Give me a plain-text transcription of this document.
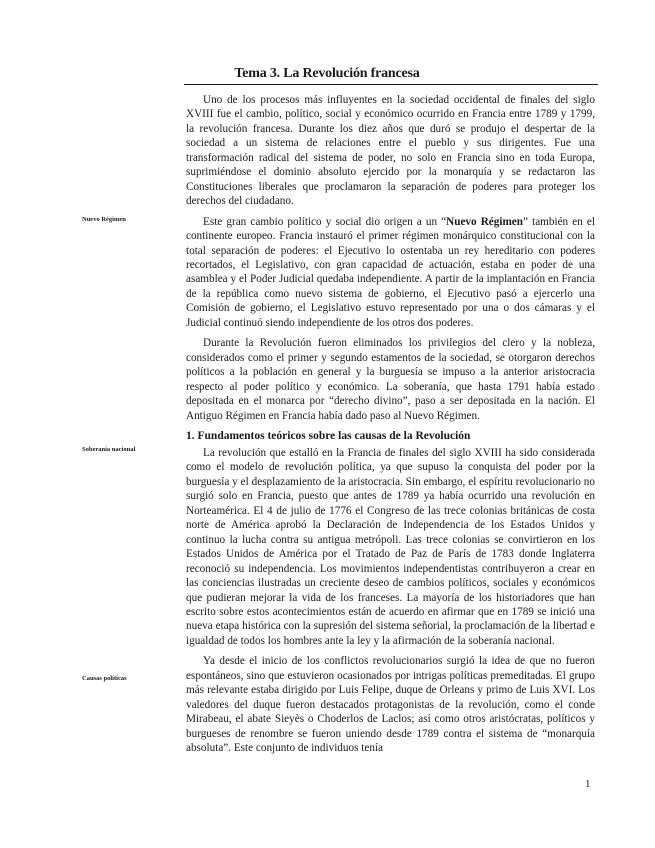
Tema 3. La Revolución francesa
Nuevo Régimen
Soberanía nacional
Causas políticas

Uno de los procesos más influyentes en la sociedad occidental de finales del siglo XVIII fue el cambio, político, social y económico ocurrido en Francia entre 1789 y 1799, la revolución francesa. Durante los diez años que duró se produjo el despertar de la sociedad a un sistema de relaciones entre el pueblo y sus dirigentes. Fue una transformación radical del sistema de poder, no solo en Francia sino en toda Europa, suprimiéndose el dominio absoluto ejercido por la monarquía y se redactaron las Constituciones liberales que proclamaron la separación de poderes para proteger los derechos del ciudadano.

Este gran cambio político y social dio origen a un “Nuevo Régimen” también en el continente europeo. Francia instauró el primer régimen monárquico constitucional con la total separación de poderes: el Ejecutivo lo ostentaba un rey hereditario con poderes recortados, el Legislativo, con gran capacidad de actuación, estaba en poder de una asamblea y el Poder Judicial quedaba independiente. A partir de la implantación en Francia de la república como nuevo sistema de gobierno, el Ejecutivo pasó a ejercerlo una Comisión de gobierno, el Legislativo estuvo representado por una o dos cámaras y el Judicial continuó siendo independiente de los otros dos poderes.

Durante la Revolución fueron eliminados los privilegios del clero y la nobleza, considerados como el primer y segundo estamentos de la sociedad, se otorgaron derechos políticos a la población en general y la burguesía se impuso a la anterior aristocracia respecto al poder político y económico. La soberanía, que hasta 1791 había estado depositada en el monarca por “derecho divino”, paso a ser depositada en la nación. El Antiguo Régimen en Francia había dado paso al Nuevo Régimen.

1. Fundamentos teóricos sobre las causas de la Revolución

La revolución que estalló en la Francia de finales del siglo XVIII ha sido considerada como el modelo de revolución política, ya que supuso la conquista del poder por la burguesía y el desplazamiento de la aristocracia. Sin embargo, el espíritu revolucionario no surgió solo en Francia, puesto que antes de 1789 ya había ocurrido una revolución en Norteamérica. El 4 de julio de 1776 el Congreso de las trece colonias británicas de costa norte de América aprobó la Declaración de Independencia de los Estados Unidos y continuo la lucha contra su antigua metrópoli. Las trece colonias se convirtieron en los Estados Unidos de América por el Tratado de Paz de París de 1783 donde Inglaterra reconoció su independencia. Los movimientos independentistas contribuyeron a crear en las conciencias ilustradas un creciente deseo de cambios políticos, sociales y económicos que pudieran mejorar la vida de los franceses. La mayoría de los historiadores que han escrito sobre estos acontecimientos están de acuerdo en afirmar que en 1789 se inició una nueva etapa histórica con la supresión del sistema señorial, la proclamación de la libertad e igualdad de todos los hombres ante la ley y la afirmación de la soberanía nacional.

Ya desde el inicio de los conflictos revolucionarios surgió la idea de que no fueron espontáneos, sino que estuvieron ocasionados por intrigas políticas premeditadas. El grupo más relevante estaba dirigido por Luis Felipe, duque de Orleans y primo de Luis XVI. Los valedores del duque fueron destacados protagonistas de la revolución, como el conde Mirabeau, el abate Sieyès o Choderlos de Laclos; así como otros aristócratas, políticos y burgueses de renombre se fueron uniendo desde 1789 contra el sistema de “monarquía absoluta”. Este conjunto de individuos tenía

1
